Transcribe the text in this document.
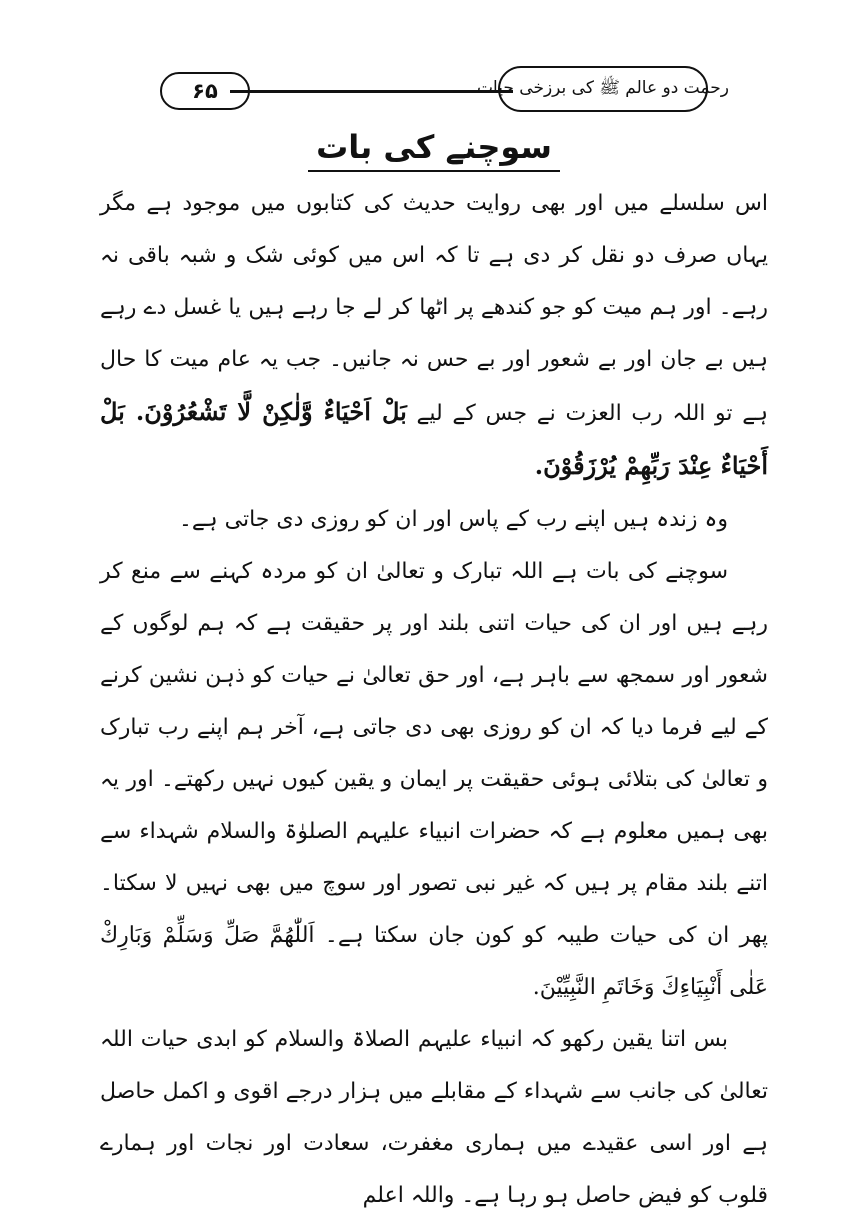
۶۵	رحمت دو عالم ﷺ کی برزخی حیات
سوچنے کی بات

اس سلسلے میں اور بھی روایت حدیث کی کتابوں میں موجود ہے مگر یہاں صرف دو نقل کر دی ہے تا کہ اس میں کوئی شک و شبہ باقی نہ رہے۔ اور ہم میت کو جو کندھے پر اٹھا کر لے جا رہے ہیں یا غسل دے رہے ہیں بے جان اور بے شعور اور بے حس نہ جانیں۔ جب یہ عام میت کا حال ہے تو اللہ رب العزت نے جس کے لیے بَلْ اَحْيَاءٌ وَّلٰكِنْ لَّا تَشْعُرُوْنَ. بَلْ أَحْيَاءٌ عِنْدَ رَبِّهِمْ يُرْزَقُوْنَ.

وہ زندہ ہیں اپنے رب کے پاس اور ان کو روزی دی جاتی ہے۔

سوچنے کی بات ہے اللہ تبارک و تعالیٰ ان کو مردہ کہنے سے منع کر رہے ہیں اور ان کی حیات اتنی بلند اور پر حقیقت ہے کہ ہم لوگوں کے شعور اور سمجھ سے باہر ہے، اور حق تعالیٰ نے حیات کو ذہن نشین کرنے کے لیے فرما دیا کہ ان کو روزی بھی دی جاتی ہے، آخر ہم اپنے رب تبارک و تعالیٰ کی بتلائی ہوئی حقیقت پر ایمان و یقین کیوں نہیں رکھتے۔ اور یہ بھی ہمیں معلوم ہے کہ حضرات انبیاء علیہم الصلوٰۃ والسلام شہداء سے اتنے بلند مقام پر ہیں کہ غیر نبی تصور اور سوچ میں بھی نہیں لا سکتا۔ پھر ان کی حیات طیبہ کو کون جان سکتا ہے۔ اَللّٰهُمَّ صَلِّ وَسَلِّمْ وَبَارِكْ عَلٰى أَنْبِيَاءِكَ وَخَاتَمِ النَّبِيِّيْنَ.

بس اتنا یقین رکھو کہ انبیاء علیہم الصلاۃ والسلام کو ابدی حیات اللہ تعالیٰ کی جانب سے شہداء کے مقابلے میں ہزار درجے اقوی و اکمل حاصل ہے اور اسی عقیدے میں ہماری مغفرت، سعادت اور نجات اور ہمارے قلوب کو فیض حاصل ہو رہا ہے۔ واللہ اعلم
